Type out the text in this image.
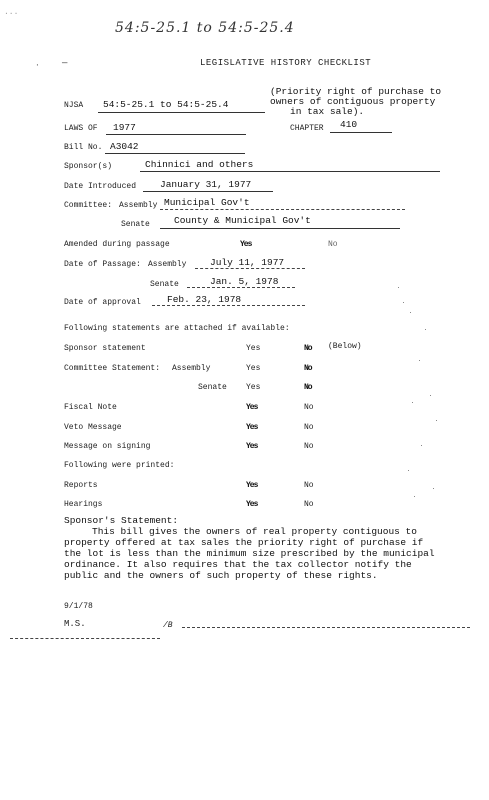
...
· —
54:5-25.1 to 54:5-25.4
LEGISLATIVE HISTORY CHECKLIST
(Priority right of purchase to
owners of contiguous property
in tax sale).
NJSA 54:5-25.1 to 54:5-25.4
LAWS OF 1977	CHAPTER 410
Bill No. A3042
Sponsor(s)	Chinnici and others
Date Introduced	January 31, 1977
Committee: Assembly Municipal Gov't
Senate	County & Municipal Gov't
Amended during passage	Yes	No
Date of Passage: Assembly July 11, 1977
Senate	Jan. 5, 1978
Date of approval	Feb. 23, 1978
Following statements are attached if available:
Sponsor statement	Yes	No (Below)
Committee Statement: Assembly	Yes	No
Senate Yes	No
Fiscal Note	Yes	No
Veto Message	Yes	No
Message on signing	Yes	No
Following were printed:
Reports	Yes	No
Hearings	Yes	No
Sponsor's Statement:
This bill gives the owners of real property contiguous to
property offered at tax sales the priority right of purchase if
the lot is less than the minimum size prescribed by the municipal
ordinance. It also requires that the tax collector notify the
public and the owners of such property of these rights.
9/1/78
M.S.	/B
